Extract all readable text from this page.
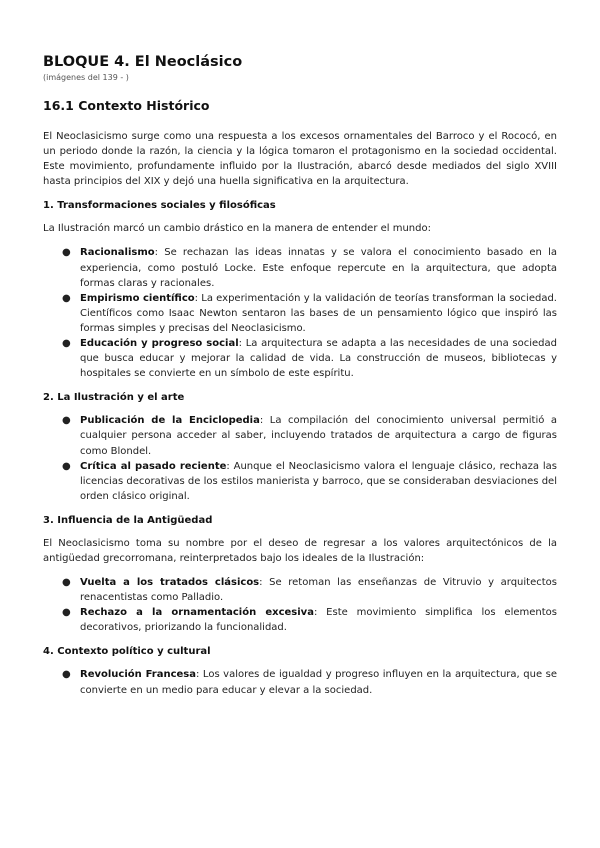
BLOQUE 4. El Neoclásico
(imágenes del 139 - )
16.1 Contexto Histórico

El Neoclasicismo surge como una respuesta a los excesos ornamentales del Barroco y el Rococó, en un periodo donde la razón, la ciencia y la lógica tomaron el protagonismo en la sociedad occidental. Este movimiento, profundamente influido por la Ilustración, abarcó desde mediados del siglo XVIII hasta principios del XIX y dejó una huella significativa en la arquitectura.

1. Transformaciones sociales y filosóficas

La Ilustración marcó un cambio drástico en la manera de entender el mundo:

● Racionalismo: Se rechazan las ideas innatas y se valora el conocimiento basado en la experiencia, como postuló Locke. Este enfoque repercute en la arquitectura, que adopta formas claras y racionales.
● Empirismo científico: La experimentación y la validación de teorías transforman la sociedad. Científicos como Isaac Newton sentaron las bases de un pensamiento lógico que inspiró las formas simples y precisas del Neoclasicismo.
● Educación y progreso social: La arquitectura se adapta a las necesidades de una sociedad que busca educar y mejorar la calidad de vida. La construcción de museos, bibliotecas y hospitales se convierte en un símbolo de este espíritu.
2. La Ilustración y el arte
● Publicación de la Enciclopedia: La compilación del conocimiento universal permitió a cualquier persona acceder al saber, incluyendo tratados de arquitectura a cargo de figuras como Blondel.
● Crítica al pasado reciente: Aunque el Neoclasicismo valora el lenguaje clásico, rechaza las licencias decorativas de los estilos manierista y barroco, que se consideraban desviaciones del orden clásico original.
3. Influencia de la Antigüedad

El Neoclasicismo toma su nombre por el deseo de regresar a los valores arquitectónicos de la antigüedad grecorromana, reinterpretados bajo los ideales de la Ilustración:

● Vuelta a los tratados clásicos: Se retoman las enseñanzas de Vitruvio y arquitectos renacentistas como Palladio.
● Rechazo a la ornamentación excesiva: Este movimiento simplifica los elementos decorativos, priorizando la funcionalidad.
4. Contexto político y cultural
● Revolución Francesa: Los valores de igualdad y progreso influyen en la arquitectura, que se convierte en un medio para educar y elevar a la sociedad.
